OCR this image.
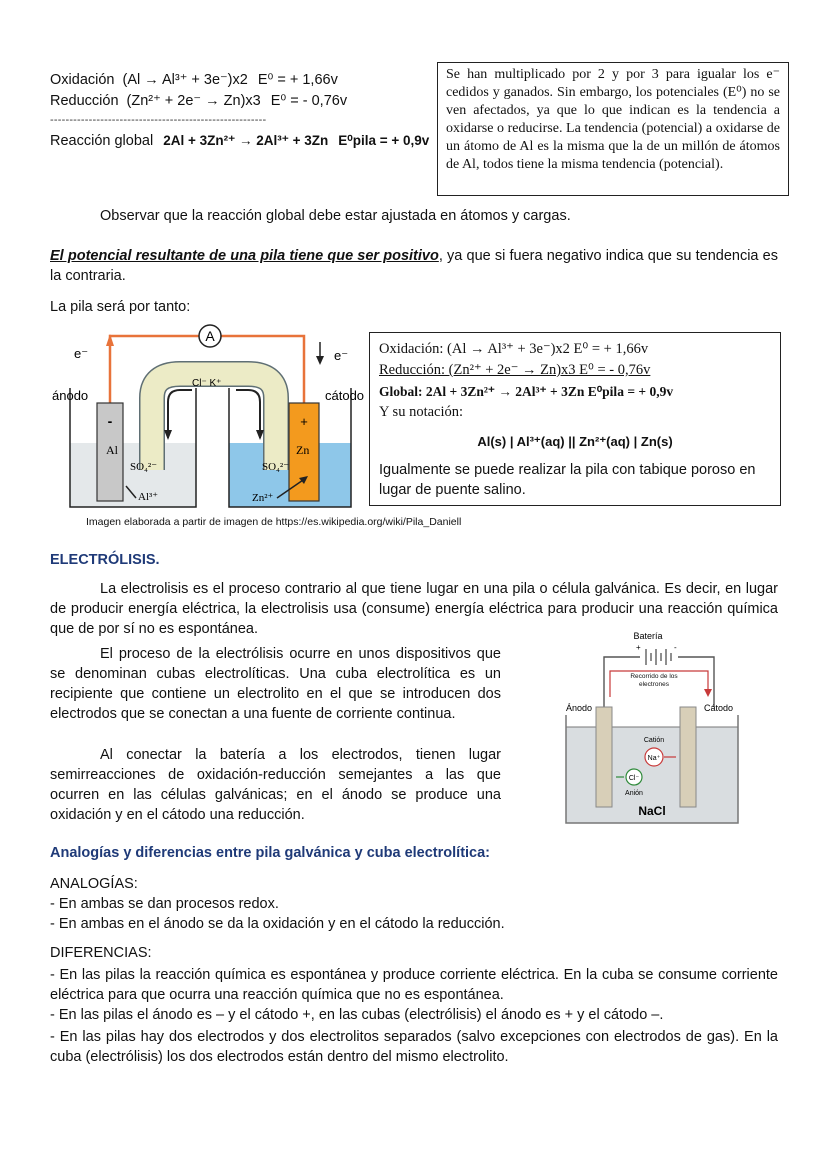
Oxidación (Al → Al³⁺ + 3e⁻)x2 E⁰ = + 1,66v
Reducción (Zn²⁺ + 2e⁻ → Zn)x3 E⁰ = - 0,76v
--------------------------------------------------------
Reacción global 2Al + 3Zn²⁺ → 2Al³⁺ + 3Zn E⁰pila = + 0,9v
Se han multiplicado por 2 y por 3 para igualar los e⁻ cedidos y ganados. Sin embargo, los potenciales (E⁰) no se ven afectados, ya que lo que indican es la tendencia a oxidarse o reducirse. La tendencia (potencial) a oxidarse de un átomo de Al es la misma que la de un millón de átomos de Al, todos tiene la misma tendencia (potencial).
Observar que la reacción global debe estar ajustada en átomos y cargas.
El potencial resultante de una pila tiene que ser positivo, ya que si fuera negativo indica que su tendencia es la contraria.
La pila será por tanto:
A
e⁻	e⁻
ánodo	cátodo
Cl⁻ K⁺
-	+
Al	Zn
SO₄²⁻	SO₄²⁻
Al³⁺	Zn²⁺
Imagen elaborada a partir de imagen de https://es.wikipedia.org/wiki/Pila_Daniell
Oxidación: (Al → Al³⁺ + 3e⁻)x2 E⁰ = + 1,66v
Reducción: (Zn²⁺ + 2e⁻ → Zn)x3 E⁰ = - 0,76v
Global: 2Al + 3Zn²⁺ → 2Al³⁺ + 3Zn E⁰pila = + 0,9v
Y su notación:
Al(s) | Al³⁺(aq) || Zn²⁺(aq) | Zn(s)
Igualmente se puede realizar la pila con tabique poroso en lugar de puente salino.
ELECTRÓLISIS.
La electrolisis es el proceso contrario al que tiene lugar en una pila o célula galvánica. Es decir, en lugar de producir energía eléctrica, la electrolisis usa (consume) energía eléctrica para producir una reacción química que de por sí no es espontánea.
El proceso de la electrólisis ocurre en unos dispositivos que se denominan cubas electrolíticas. Una cuba electrolítica es un recipiente que contiene un electrolito en el que se introducen dos electrodos que se conectan a una fuente de corriente continua.
Al conectar la batería a los electrodos, tienen lugar semirreacciones de oxidación-reducción semejantes a las que ocurren en las células galvánicas; en el ánodo se produce una oxidación y en el cátodo una reducción.
Batería
+	-
Recorrido de los electrones
Ánodo	Cátodo
Catión
Na⁺
Cl⁻
Anión
NaCl
Analogías y diferencias entre pila galvánica y cuba electrolítica:
ANALOGÍAS:
- En ambas se dan procesos redox.
- En ambas en el ánodo se da la oxidación y en el cátodo la reducción.
DIFERENCIAS:
- En las pilas la reacción química es espontánea y produce corriente eléctrica. En la cuba se consume corriente eléctrica para que ocurra una reacción química que no es espontánea.
- En las pilas el ánodo es – y el cátodo +, en las cubas (electrólisis) el ánodo es + y el cátodo –.
- En las pilas hay dos electrodos y dos electrolitos separados (salvo excepciones con electrodos de gas). En la cuba (electrólisis) los dos electrodos están dentro del mismo electrolito.
